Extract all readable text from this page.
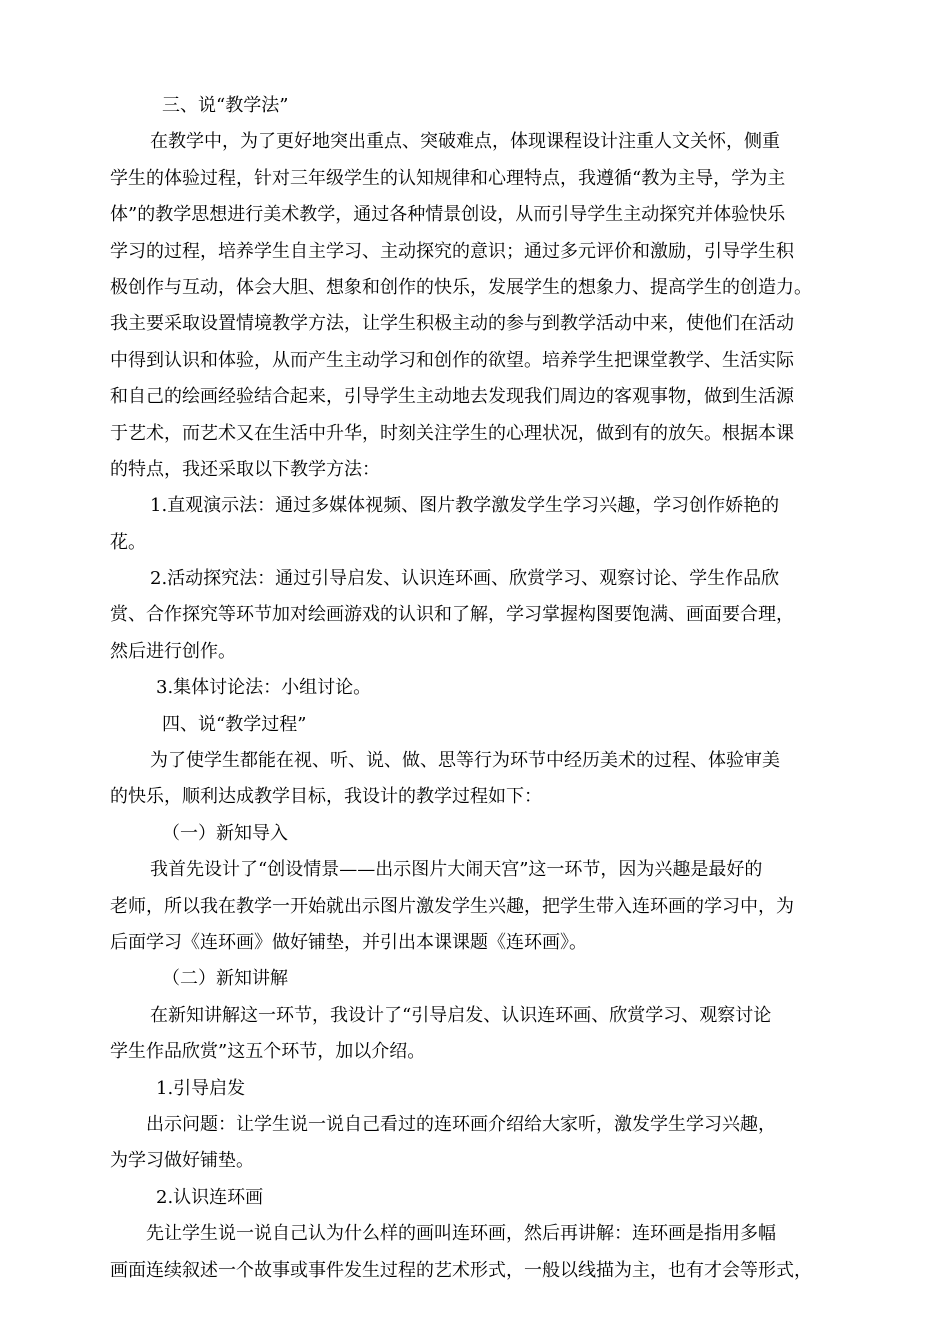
三、说“教学法”
在教学中，为了更好地突出重点、突破难点，体现课程设计注重人文关怀，侧重
学生的体验过程，针对三年级学生的认知规律和心理特点，我遵循“教为主导，学为主
体”的教学思想进行美术教学，通过各种情景创设，从而引导学生主动探究并体验快乐
学习的过程，培养学生自主学习、主动探究的意识；通过多元评价和激励，引导学生积
极创作与互动，体会大胆、想象和创作的快乐，发展学生的想象力、提高学生的创造力。
我主要采取设置情境教学方法，让学生积极主动的参与到教学活动中来，使他们在活动
中得到认识和体验，从而产生主动学习和创作的欲望。培养学生把课堂教学、生活实际
和自己的绘画经验结合起来，引导学生主动地去发现我们周边的客观事物，做到生活源
于艺术，而艺术又在生活中升华，时刻关注学生的心理状况，做到有的放矢。根据本课
的特点，我还采取以下教学方法：
1.直观演示法：通过多媒体视频、图片教学激发学生学习兴趣，学习创作娇艳的
花。
2.活动探究法：通过引导启发、认识连环画、欣赏学习、观察讨论、学生作品欣
赏、合作探究等环节加对绘画游戏的认识和了解，学习掌握构图要饱满、画面要合理，
然后进行创作。
3.集体讨论法：小组讨论。
四、说“教学过程”
为了使学生都能在视、听、说、做、思等行为环节中经历美术的过程、体验审美
的快乐，顺利达成教学目标，我设计的教学过程如下：
（一）新知导入
我首先设计了“创设情景——出示图片大闹天宫”这一环节，因为兴趣是最好的
老师，所以我在教学一开始就出示图片激发学生兴趣，把学生带入连环画的学习中，为
后面学习《连环画》做好铺垫，并引出本课课题《连环画》。
（二）新知讲解
在新知讲解这一环节，我设计了“引导启发、认识连环画、欣赏学习、观察讨论
学生作品欣赏”这五个环节，加以介绍。
1.引导启发
出示问题：让学生说一说自己看过的连环画介绍给大家听，激发学生学习兴趣，
为学习做好铺垫。
2.认识连环画
先让学生说一说自己认为什么样的画叫连环画，然后再讲解：连环画是指用多幅
画面连续叙述一个故事或事件发生过程的艺术形式，一般以线描为主，也有才会等形式，
